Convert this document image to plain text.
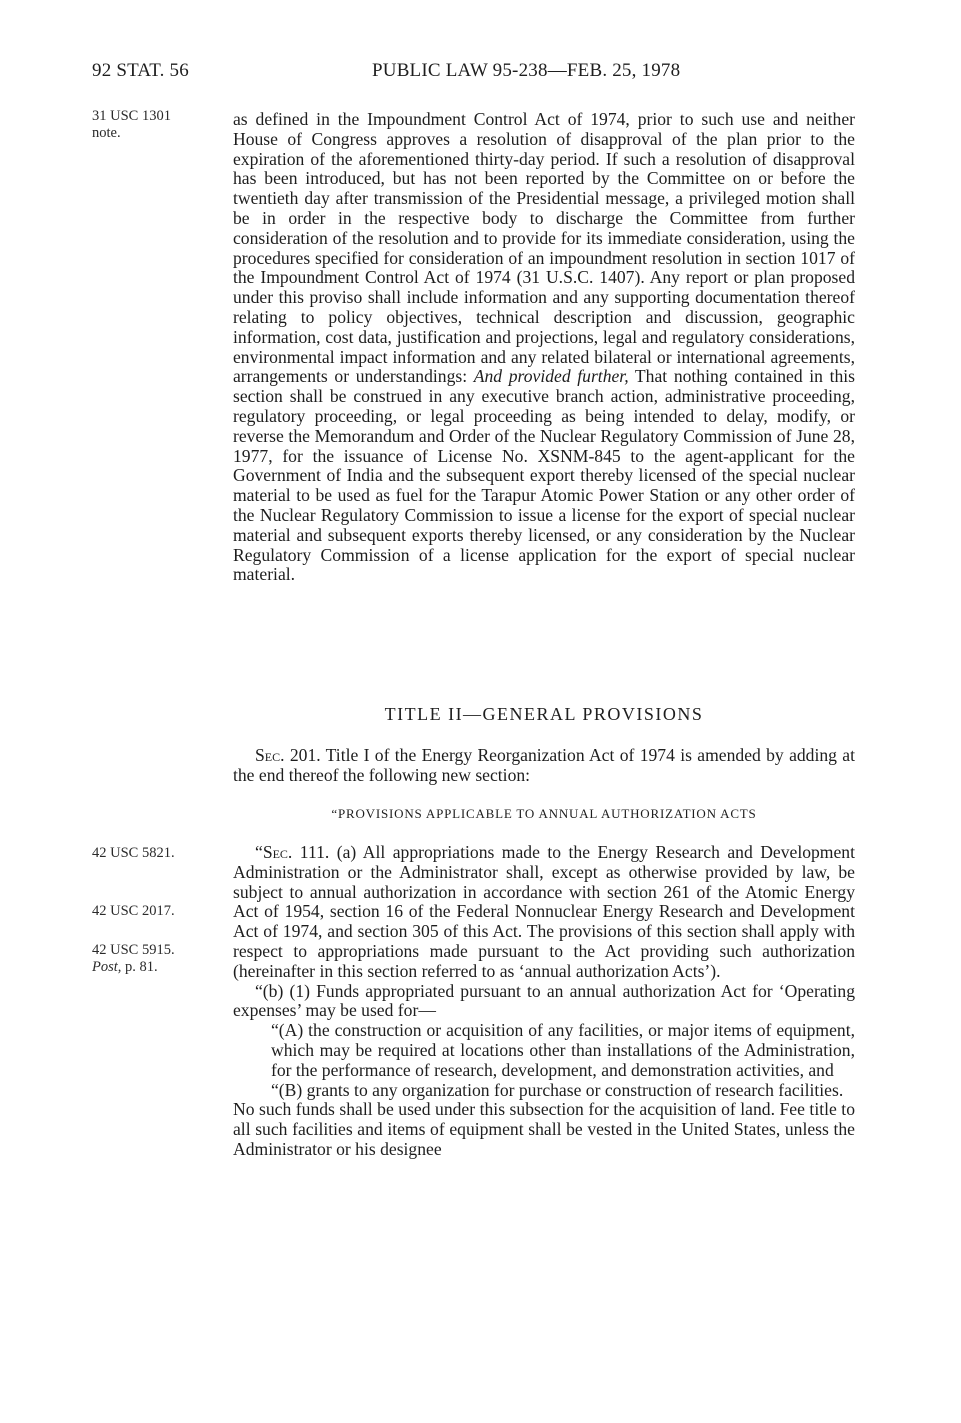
92 STAT. 56	PUBLIC LAW 95-238—FEB. 25, 1978
31 USC 1301
note.

as defined in the Impoundment Control Act of 1974, prior to such use and neither House of Congress approves a resolution of disapproval of the plan prior to the expiration of the aforementioned thirty-day period. If such a resolution of disapproval has been introduced, but has not been reported by the Committee on or before the twentieth day after transmission of the Presidential message, a privileged motion shall be in order in the respective body to discharge the Committee from further consideration of the resolution and to provide for its immediate consideration, using the procedures specified for consideration of an impoundment resolution in section 1017 of the Impoundment Control Act of 1974 (31 U.S.C. 1407). Any report or plan proposed under this proviso shall include information and any supporting documentation thereof relating to policy objectives, technical description and discussion, geographic information, cost data, justification and projections, legal and regulatory considerations, environmental impact information and any related bilateral or international agreements, arrangements or understandings: And provided further, That nothing contained in this section shall be construed in any executive branch action, administrative proceeding, regulatory proceeding, or legal proceeding as being intended to delay, modify, or reverse the Memorandum and Order of the Nuclear Regulatory Commission of June 28, 1977, for the issuance of License No. XSNM-845 to the agent-applicant for the Government of India and the subsequent export thereby licensed of the special nuclear material to be used as fuel for the Tarapur Atomic Power Station or any other order of the Nuclear Regulatory Commission to issue a license for the export of special nuclear material and subsequent exports thereby licensed, or any consideration by the Nuclear Regulatory Commission of a license application for the export of special nuclear material.

TITLE II—GENERAL PROVISIONS

Sec. 201. Title I of the Energy Reorganization Act of 1974 is amended by adding at the end thereof the following new section:

“PROVISIONS APPLICABLE TO ANNUAL AUTHORIZATION ACTS
42 USC 5821.
42 USC 2017.
42 USC 5915.
Post, p. 81.

“Sec. 111. (a) All appropriations made to the Energy Research and Development Administration or the Administrator shall, except as otherwise provided by law, be subject to annual authorization in accordance with section 261 of the Atomic Energy Act of 1954, section 16 of the Federal Nonnuclear Energy Research and Development Act of 1974, and section 305 of this Act. The provisions of this section shall apply with respect to appropriations made pursuant to the Act providing such authorization (hereinafter in this section referred to as ‘annual authorization Acts’).

“(b) (1) Funds appropriated pursuant to an annual authorization Act for ‘Operating expenses’ may be used for—

“(A) the construction or acquisition of any facilities, or major items of equipment, which may be required at locations other than installations of the Administration, for the performance of research, development, and demonstration activities, and

“(B) grants to any organization for purchase or construction of research facilities.

No such funds shall be used under this subsection for the acquisition of land. Fee title to all such facilities and items of equipment shall be vested in the United States, unless the Administrator or his designee
